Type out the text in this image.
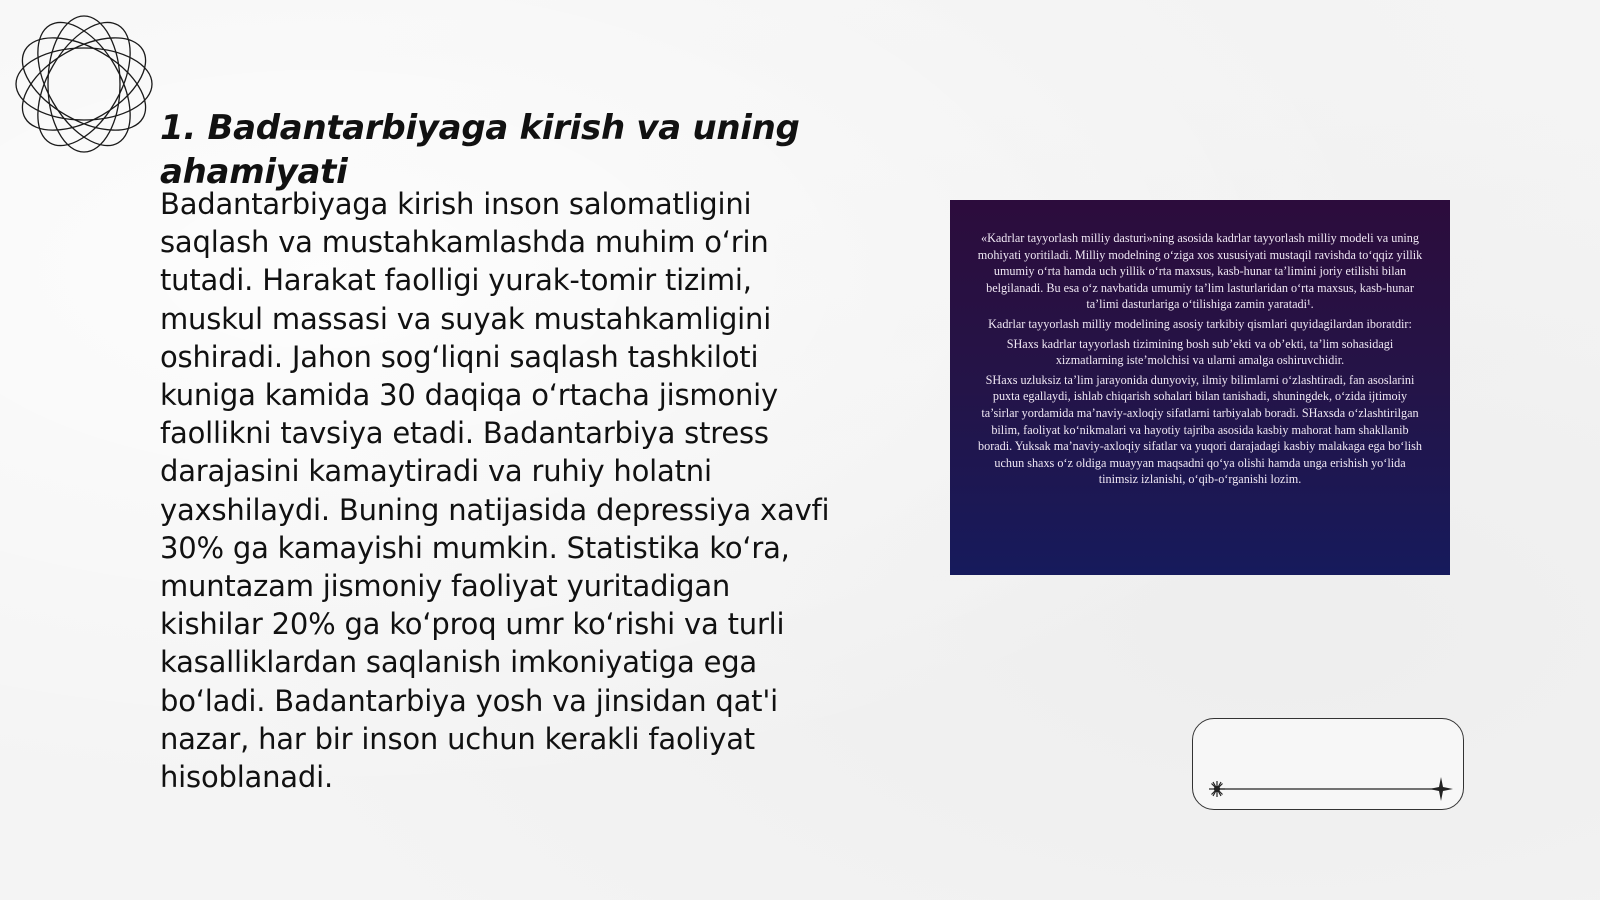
1. Badantarbiyaga kirish va uning ahamiyati

Badantarbiyaga kirish inson salomatligini saqlash va mustahkamlashda muhim o‘rin tutadi. Harakat faolligi yurak-tomir tizimi, muskul massasi va suyak mustahkamligini oshiradi. Jahon sog‘liqni saqlash tashkiloti kuniga kamida 30 daqiqa o‘rtacha jismoniy faollikni tavsiya etadi. Badantarbiya stress darajasini kamaytiradi va ruhiy holatni yaxshilaydi. Buning natijasida depressiya xavfi 30% ga kamayishi mumkin. Statistika ko‘ra, muntazam jismoniy faoliyat yuritadigan kishilar 20% ga ko‘proq umr ko‘rishi va turli kasalliklardan saqlanish imkoniyatiga ega bo‘ladi. Badantarbiya yosh va jinsidan qat'i nazar, har bir inson uchun kerakli faoliyat hisoblanadi.

«Kadrlar tayyorlash milliy dasturi»ning asosida kadrlar tayyorlash milliy modeli va uning mohiyati yoritiladi. Milliy modelning o‘ziga xos xususiyati mustaqil ravishda to‘qqiz yillik umumiy o‘rta hamda uch yillik o‘rta maxsus, kasb-hunar ta’limini joriy etilishi bilan belgilanadi. Bu esa o‘z navbatida umumiy ta’lim lasturlaridan o‘rta maxsus, kasb-hunar ta’limi dasturlariga o‘tilishiga zamin yaratadi¹.

Kadrlar tayyorlash milliy modelining asosiy tarkibiy qismlari quyidagilardan iboratdir:

SHaxs kadrlar tayyorlash tizimining bosh sub’ekti va ob’ekti, ta’lim sohasidagi xizmatlarning iste’molchisi va ularni amalga oshiruvchidir.

SHaxs uzluksiz ta’lim jarayonida dunyoviy, ilmiy bilimlarni o‘zlashtiradi, fan asoslarini puxta egallaydi, ishlab chiqarish sohalari bilan tanishadi, shuningdek, o‘zida ijtimoiy ta’sirlar yordamida ma’naviy-axloqiy sifatlarni tarbiyalab boradi. SHaxsda o‘zlashtirilgan bilim, faoliyat ko‘nikmalari va hayotiy tajriba asosida kasbiy mahorat ham shakllanib boradi. Yuksak ma’naviy-axloqiy sifatlar va yuqori darajadagi kasbiy malakaga ega bo‘lish uchun shaxs o‘z oldiga muayyan maqsadni qo‘ya olishi hamda unga erishish yo‘lida tinimsiz izlanishi, o‘qib-o‘rganishi lozim.
